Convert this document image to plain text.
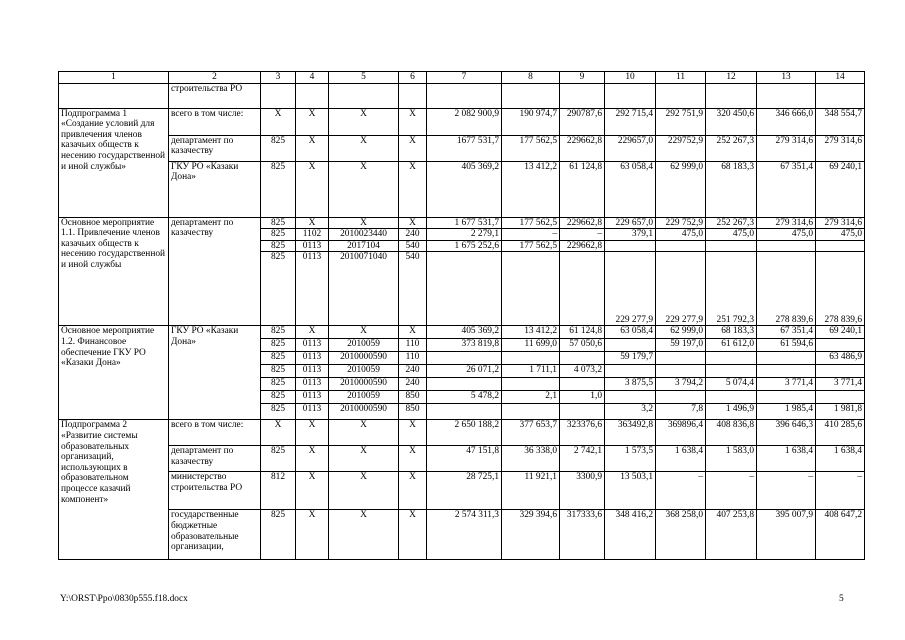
1	2	3	4	5	6	7	8	9	10	11	12	13	14
	строительства РО												
Подпрограмма 1 «Создание условий для привлечения членов казачьих обществ к несению государственной и иной службы»	всего в том числе:	X	X	X	X	2 082 900,9	190 974,7	290787,6	292 715,4	292 751,9	320 450,6	346 666,0	348 554,7
	департамент по казачеству	825	X	X	X	1677 531,7	177 562,5	229662,8	229657,0	229752,9	252 267,3	279 314,6	279 314,6
	ГКУ РО «Казаки Дона»	825	X	X	X	405 369,2	13 412,2	61 124,8	63 058,4	62 999,0	68 183,3	67 351,4	69 240,1
Основное мероприятие 1.1. Привлечение членов казачьих обществ к несению государственной и иной службы	департамент по казачеству	825	X	X	X	1 677 531,7	177 562,5	229662,8	229 657,0	229 752,9	252 267,3	279 314,6	279 314,6
		825	1102	2010023440	240	2 279,1	–	–	379,1	475,0	475,0	475,0	475,0
		825	0113	2017104	540	1 675 252,6	177 562,5	229662,8					
		825	0113	2010071040	540				229 277,9	229 277,9	251 792,3	278 839,6	278 839,6
Основное мероприятие 1.2. Финансовое обеспечение ГКУ РО «Казаки Дона»	ГКУ РО «Казаки Дона»	825	X	X	X	405 369,2	13 412,2	61 124,8	63 058,4	62 999,0	68 183,3	67 351,4	69 240,1
		825	0113	2010059	110	373 819,8	11 699,0	57 050,6		59 197,0	61 612,0	61 594,6	
		825	0113	2010000590	110				59 179,7				63 486,9
		825	0113	2010059	240	26 071,2	1 711,1	4 073,2					
		825	0113	2010000590	240				3 875,5	3 794,2	5 074,4	3 771,4	3 771,4
		825	0113	2010059	850	5 478,2	2,1	1,0					
		825	0113	2010000590	850				3,2	7,8	1 496,9	1 985,4	1 981,8
Подпрограмма 2 «Развитие системы образовательных организаций, использующих в образовательном процессе казачий компонент»	всего в том числе:	X	X	X	X	2 650 188,2	377 653,7	323376,6	363492,8	369896,4	408 836,8	396 646,3	410 285,6
	департамент по казачеству	825	X	X	X	47 151,8	36 338,0	2 742,1	1 573,5	1 638,4	1 583,0	1 638,4	1 638,4
	министерство строительства РО	812	X	X	X	28 725,1	11 921,1	3300,9	13 503,1	–	–	–	–
	государственные бюджетные образовательные организации,	825	X	X	X	2 574 311,3	329 394,6	317333,6	348 416,2	368 258,0	407 253,8	395 007,9	408 647,2
Y:\ORST\Ppo\0830p555.f18.docx	5
